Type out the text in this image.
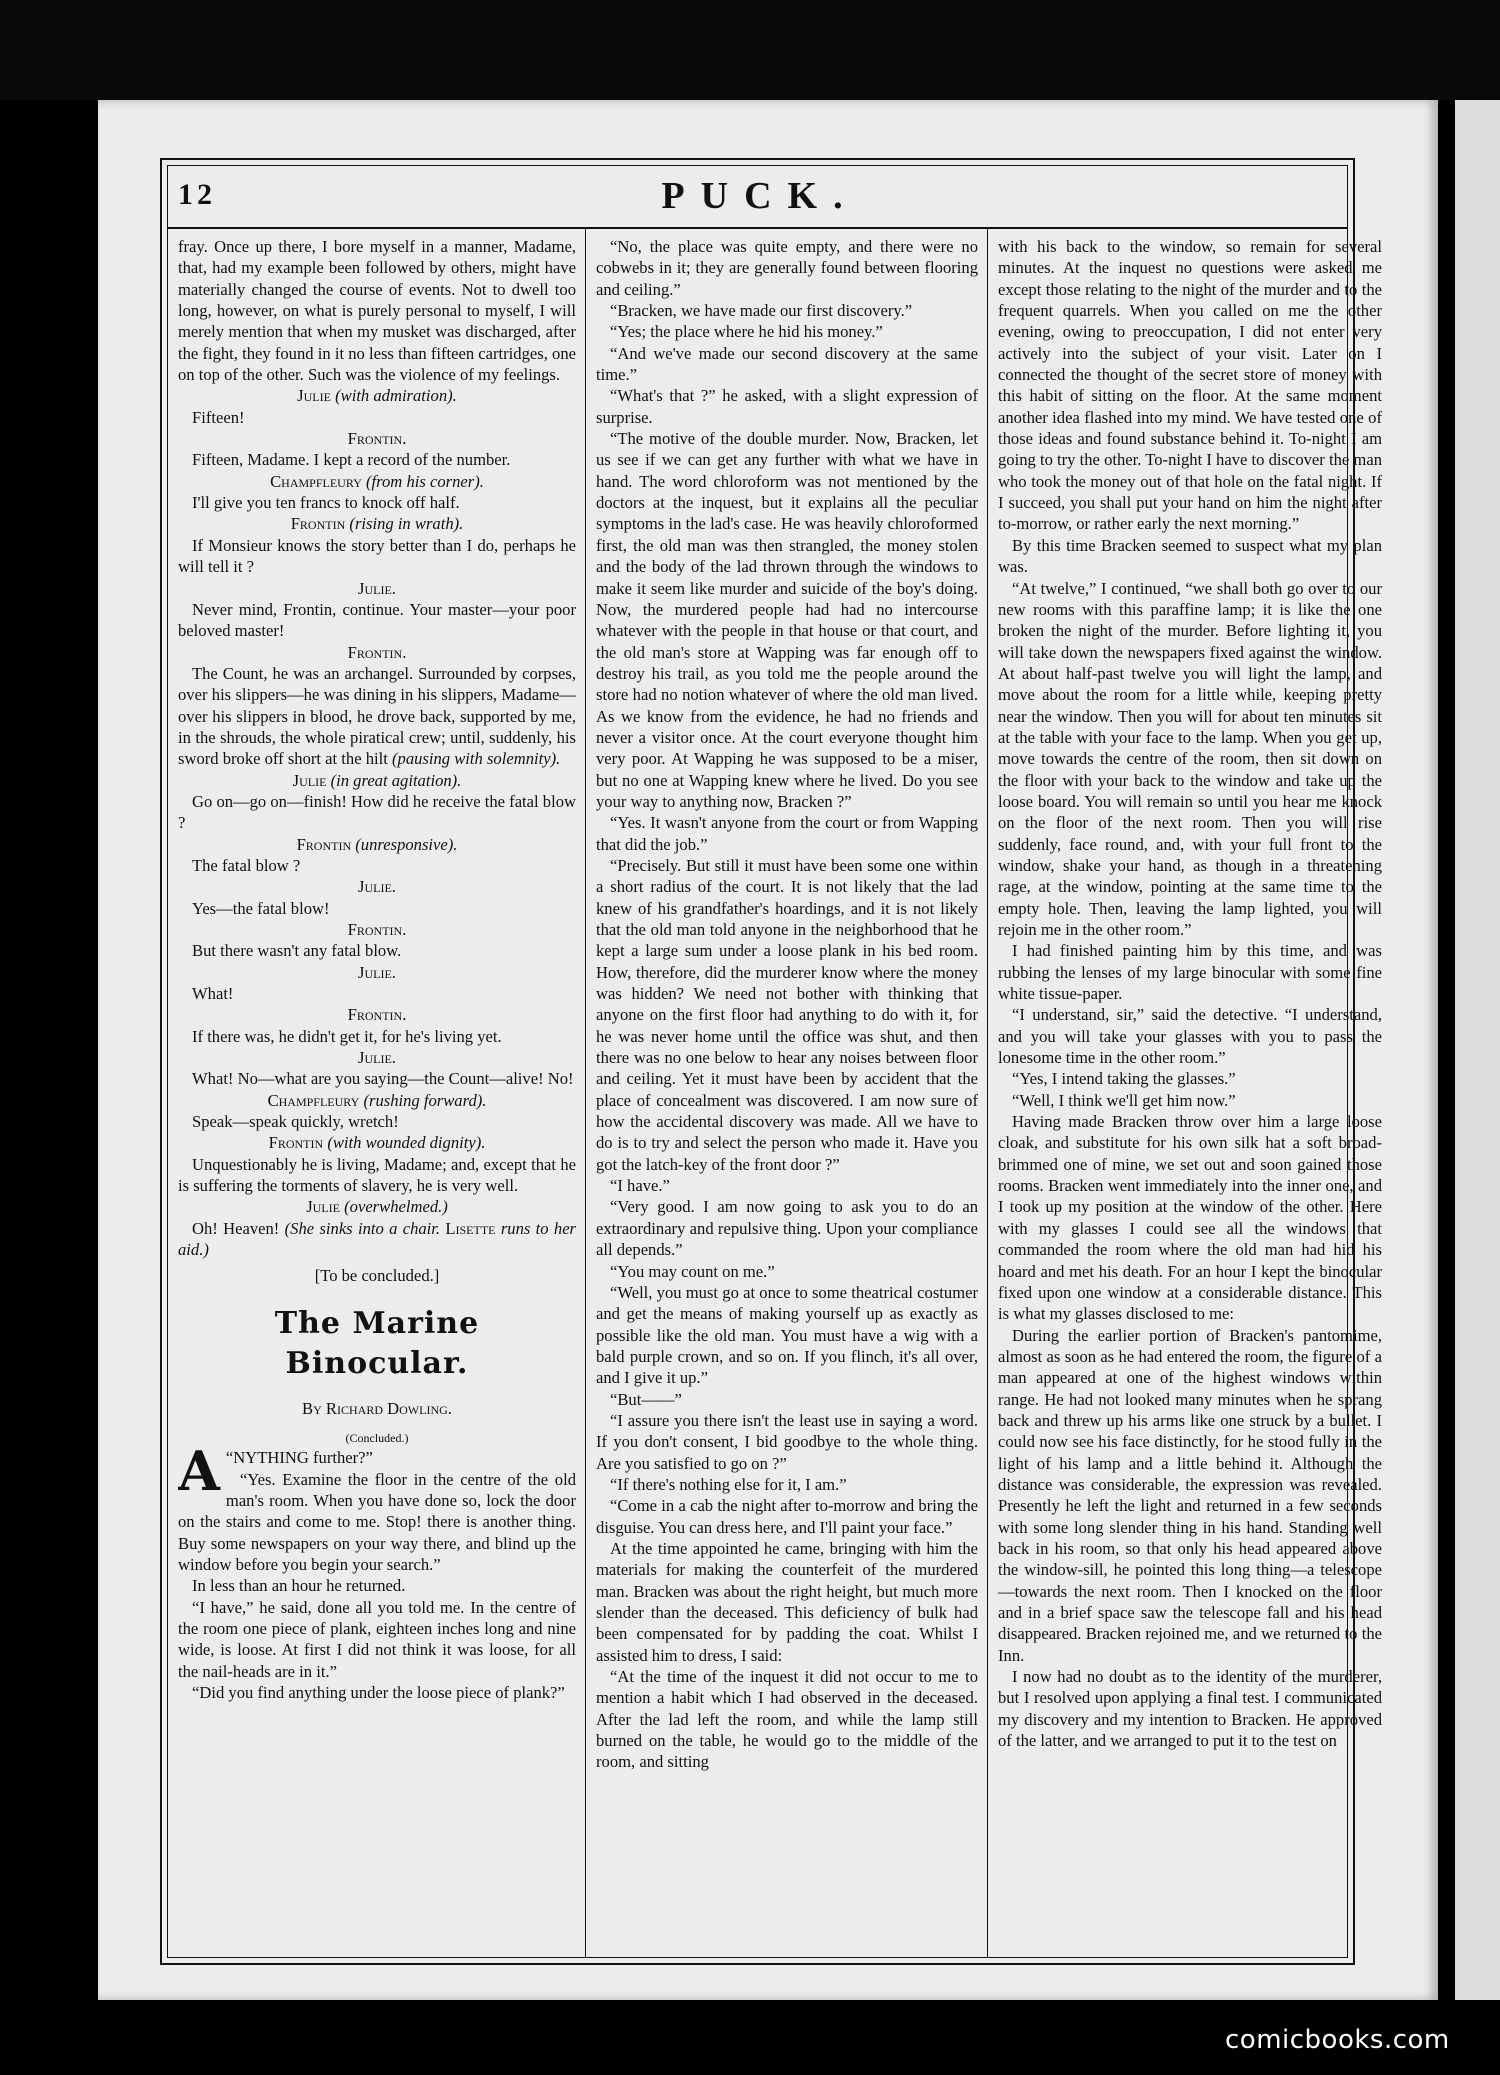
12	PUCK.

fray. Once up there, I bore myself in a manner, Madame, that, had my example been followed by others, might have materially changed the course of events. Not to dwell too long, however, on what is purely personal to myself, I will merely mention that when my musket was discharged, after the fight, they found in it no less than fifteen cartridges, one on top of the other. Such was the violence of my feelings.

Julie (with admiration).

Fifteen!

Frontin.

Fifteen, Madame. I kept a record of the number.

Champfleury (from his corner).

I'll give you ten francs to knock off half.

Frontin (rising in wrath).

If Monsieur knows the story better than I do, perhaps he will tell it ?

Julie.

Never mind, Frontin, continue. Your master—your poor beloved master!

Frontin.

The Count, he was an archangel. Surrounded by corpses, over his slippers—he was dining in his slippers, Madame—over his slippers in blood, he drove back, supported by me, in the shrouds, the whole piratical crew; until, suddenly, his sword broke off short at the hilt (pausing with solemnity).

Julie (in great agitation).

Go on—go on—finish! How did he receive the fatal blow ?

Frontin (unresponsive).

The fatal blow ?

Julie.

Yes—the fatal blow!

Frontin.

But there wasn't any fatal blow.

Julie.

What!

Frontin.

If there was, he didn't get it, for he's living yet.

Julie.

What! No—what are you saying—the Count—alive! No!

Champfleury (rushing forward).

Speak—speak quickly, wretch!

Frontin (with wounded dignity).

Unquestionably he is living, Madame; and, except that he is suffering the torments of slavery, he is very well.

Julie (overwhelmed.)

Oh! Heaven! (She sinks into a chair. Lisette runs to her aid.)

[To be concluded.]

The Marine Binocular.

By Richard Dowling.

(Concluded.)

“
A NYTHING further?”

“Yes. Examine the floor in the centre of the old man's room. When you have done so, lock the door on the stairs and come to me. Stop! there is another thing. Buy some newspapers on your way there, and blind up the window before you begin your search.”

In less than an hour he returned.

“I have,” he said, done all you told me. In the centre of the room one piece of plank, eighteen inches long and nine wide, is loose. At first I did not think it was loose, for all the nail-heads are in it.”

“Did you find anything under the loose piece of plank?”

“No, the place was quite empty, and there were no cobwebs in it; they are generally found between flooring and ceiling.”

“Bracken, we have made our first discovery.”

“Yes; the place where he hid his money.”

“And we've made our second discovery at the same time.”

“What's that ?” he asked, with a slight expression of surprise.

“The motive of the double murder. Now, Bracken, let us see if we can get any further with what we have in hand. The word chloroform was not mentioned by the doctors at the inquest, but it explains all the peculiar symptoms in the lad's case. He was heavily chloroformed first, the old man was then strangled, the money stolen and the body of the lad thrown through the windows to make it seem like murder and suicide of the boy's doing. Now, the murdered people had had no intercourse whatever with the people in that house or that court, and the old man's store at Wapping was far enough off to destroy his trail, as you told me the people around the store had no notion whatever of where the old man lived. As we know from the evidence, he had no friends and never a visitor once. At the court everyone thought him very poor. At Wapping he was supposed to be a miser, but no one at Wapping knew where he lived. Do you see your way to anything now, Bracken ?”

“Yes. It wasn't anyone from the court or from Wapping that did the job.”

“Precisely. But still it must have been some one within a short radius of the court. It is not likely that the lad knew of his grandfather's hoardings, and it is not likely that the old man told anyone in the neighborhood that he kept a large sum under a loose plank in his bed room. How, therefore, did the murderer know where the money was hidden? We need not bother with thinking that anyone on the first floor had anything to do with it, for he was never home until the office was shut, and then there was no one below to hear any noises between floor and ceiling. Yet it must have been by accident that the place of concealment was discovered. I am now sure of how the accidental discovery was made. All we have to do is to try and select the person who made it. Have you got the latch-key of the front door ?”

“I have.”

“Very good. I am now going to ask you to do an extraordinary and repulsive thing. Upon your compliance all depends.”

“You may count on me.”

“Well, you must go at once to some theatrical costumer and get the means of making yourself up as exactly as possible like the old man. You must have a wig with a bald purple crown, and so on. If you flinch, it's all over, and I give it up.”

“But——”

“I assure you there isn't the least use in saying a word. If you don't consent, I bid goodbye to the whole thing. Are you satisfied to go on ?”

“If there's nothing else for it, I am.”

“Come in a cab the night after to-morrow and bring the disguise. You can dress here, and I'll paint your face.”

At the time appointed he came, bringing with him the materials for making the counterfeit of the murdered man. Bracken was about the right height, but much more slender than the deceased. This deficiency of bulk had been compensated for by padding the coat. Whilst I assisted him to dress, I said:

“At the time of the inquest it did not occur to me to mention a habit which I had observed in the deceased. After the lad left the room, and while the lamp still burned on the table, he would go to the middle of the room, and sitting

with his back to the window, so remain for several minutes. At the inquest no questions were asked me except those relating to the night of the murder and to the frequent quarrels. When you called on me the other evening, owing to preoccupation, I did not enter very actively into the subject of your visit. Later on I connected the thought of the secret store of money with this habit of sitting on the floor. At the same moment another idea flashed into my mind. We have tested one of those ideas and found substance behind it. To-night I am going to try the other. To-night I have to discover the man who took the money out of that hole on the fatal night. If I succeed, you shall put your hand on him the night after to-morrow, or rather early the next morning.”

By this time Bracken seemed to suspect what my plan was.

“At twelve,” I continued, “we shall both go over to our new rooms with this paraffine lamp; it is like the one broken the night of the murder. Before lighting it, you will take down the newspapers fixed against the window. At about half-past twelve you will light the lamp, and move about the room for a little while, keeping pretty near the window. Then you will for about ten minutes sit at the table with your face to the lamp. When you get up, move towards the centre of the room, then sit down on the floor with your back to the window and take up the loose board. You will remain so until you hear me knock on the floor of the next room. Then you will rise suddenly, face round, and, with your full front to the window, shake your hand, as though in a threatening rage, at the window, pointing at the same time to the empty hole. Then, leaving the lamp lighted, you will rejoin me in the other room.”

I had finished painting him by this time, and was rubbing the lenses of my large binocular with some fine white tissue-paper.

“I understand, sir,” said the detective. “I understand, and you will take your glasses with you to pass the lonesome time in the other room.”

“Yes, I intend taking the glasses.”

“Well, I think we'll get him now.”

Having made Bracken throw over him a large loose cloak, and substitute for his own silk hat a soft broad-brimmed one of mine, we set out and soon gained those rooms. Bracken went immediately into the inner one, and I took up my position at the window of the other. Here with my glasses I could see all the windows that commanded the room where the old man had hid his hoard and met his death. For an hour I kept the binocular fixed upon one window at a considerable distance. This is what my glasses disclosed to me:

During the earlier portion of Bracken's pantomime, almost as soon as he had entered the room, the figure of a man appeared at one of the highest windows within range. He had not looked many minutes when he sprang back and threw up his arms like one struck by a bullet. I could now see his face distinctly, for he stood fully in the light of his lamp and a little behind it. Although the distance was considerable, the expression was revealed. Presently he left the light and returned in a few seconds with some long slender thing in his hand. Standing well back in his room, so that only his head appeared above the window-sill, he pointed this long thing—a telescope—towards the next room. Then I knocked on the floor and in a brief space saw the telescope fall and his head disappeared. Bracken rejoined me, and we returned to the Inn.

I now had no doubt as to the identity of the murderer, but I resolved upon applying a final test. I communicated my discovery and my intention to Bracken. He approved of the latter, and we arranged to put it to the test on

comicbooks.com
